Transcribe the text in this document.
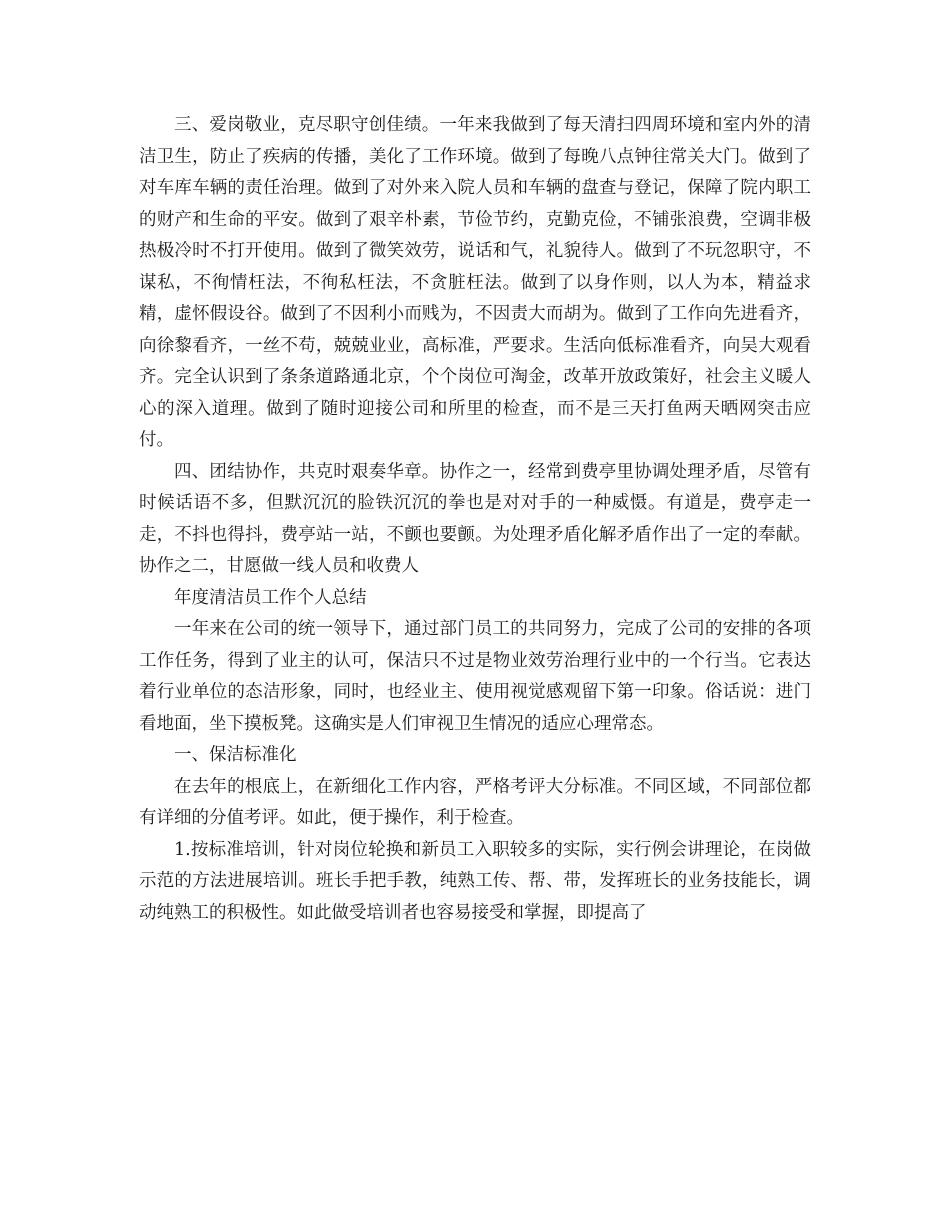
三、爱岗敬业，克尽职守创佳绩。一年来我做到了每天清扫四周环境和室内外的清洁卫生，防止了疾病的传播，美化了工作环境。做到了每晚八点钟往常关大门。做到了对车库车辆的责任治理。做到了对外来入院人员和车辆的盘查与登记，保障了院内职工的财产和生命的平安。做到了艰辛朴素，节俭节约，克勤克俭，不铺张浪费，空调非极热极冷时不打开使用。做到了微笑效劳，说话和气，礼貌待人。做到了不玩忽职守，不谋私，不徇情枉法，不徇私枉法，不贪脏枉法。做到了以身作则，以人为本，精益求精，虚怀假设谷。做到了不因利小而贱为，不因责大而胡为。做到了工作向先进看齐，向徐黎看齐，一丝不苟，兢兢业业，高标准，严要求。生活向低标准看齐，向吴大观看齐。完全认识到了条条道路通北京，个个岗位可淘金，改革开放政策好，社会主义暖人心的深入道理。做到了随时迎接公司和所里的检查，而不是三天打鱼两天晒网突击应付。

四、团结协作，共克时艰奏华章。协作之一，经常到费亭里协调处理矛盾，尽管有时候话语不多，但默沉沉的脸铁沉沉的拳也是对对手的一种威慑。有道是，费亭走一走，不抖也得抖，费亭站一站，不颤也要颤。为处理矛盾化解矛盾作出了一定的奉献。协作之二，甘愿做一线人员和收费人

年度清洁员工作个人总结

一年来在公司的统一领导下，通过部门员工的共同努力，完成了公司的安排的各项工作任务，得到了业主的认可，保洁只不过是物业效劳治理行业中的一个行当。它表达着行业单位的态洁形象，同时，也经业主、使用视觉感观留下第一印象。俗话说：进门看地面，坐下摸板凳。这确实是人们审视卫生情况的适应心理常态。

一、保洁标准化

在去年的根底上，在新细化工作内容，严格考评大分标准。不同区域，不同部位都有详细的分值考评。如此，便于操作，利于检查。

1.按标准培训，针对岗位轮换和新员工入职较多的实际，实行例会讲理论，在岗做示范的方法进展培训。班长手把手教，纯熟工传、帮、带，发挥班长的业务技能长，调动纯熟工的积极性。如此做受培训者也容易接受和掌握，即提高了
